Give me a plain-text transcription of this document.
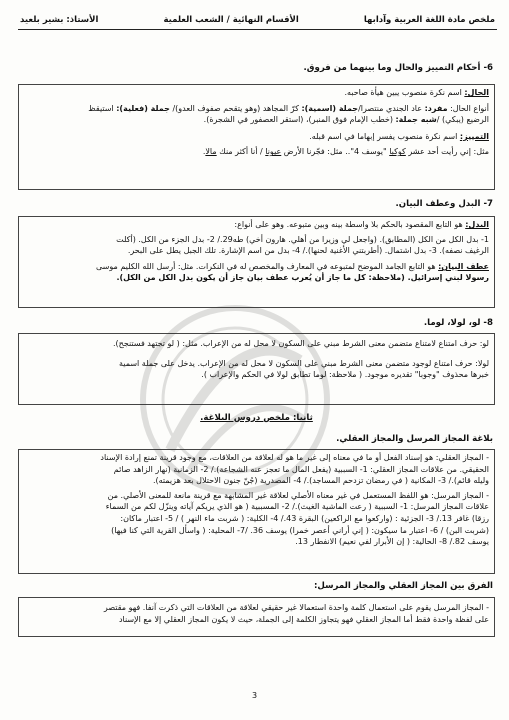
ملخص مادة اللغة العربية وآدابها
الأقسام النهائية / الشعب العلمية
الأستاذ: بشير بلعيد
6- أحكام التمييز والحال وما بينهما من فروق.

الحال: اسم نكرة منصوب يبين هيأة صاحبه.

أنواع الحال: مفرد: عاد الجندي منتصرا/جملة (اسمية): كرّ المجاهد (وهو يتقحم صفوف العدو)/ جملة (فعلية): استيقظ

الرضيع (يبكي) /شبه جملة: (خطب الإمام فوق المنبر)، (استقر العصفور في الشجرة).

التمييز: اسم نكرة منصوب يفسر إبهاما في اسم قبله.

مثل: إني رأيت أحد عشر كوكبا "يوسف 4".. مثل: فجّرنا الأرض عيونا / أنا أكثر منك مالا.

7- البدل وعطف البيان.

البدل: هو التابع المقصود بالحكم بلا واسطة بينه وبين متبوعه. وهو على أنواع:

1- بدل الكل من الكل (المطابق). (واجعل لي وزيرا من أهلي. هارون أخي) طه29./ 2- بدل الجزء من الكل. (أكلت

الرغيف نصفه). 3- بدل اشتمال. (أطربتني الأغنية لحنها)./ 4- بدل من اسم الإشارة. تلك الجبل يطل على البحر.

عطف البيان: هو التابع الجامد الموضح لمتبوعه في المعارف والمخصص له في النكرات. مثل: أرسل الله الكليم موسى

رسولا لبني إسرائيل. (ملاحظة: كل ما جاز أن يُعرب عطف بيان جاز أن يكون بدل الكل من الكل).

8- لو، لولا، لوما.

لو: حرف امتناع لامتناع متضمن معنى الشرط مبني على السكون لا محل له من الإعراب. مثل: ( لو تجتهد فستنجح).

لولا: حرف امتناع لوجود متضمن معنى الشرط مبني على السكون لا محل له من الإعراب. يدخل على جملة اسمية

خبرها محذوف "وجوبا" تقديره موجود. ( ملاحظة: لوما تطابق لولا في الحكم والإعراب ).

ثانيا: ملخص دروس البلاغة.
بلاغة المجاز المرسل والمجاز العقلي.

- المجاز العقلي: هو إسناد الفعل أو ما في معناه إلى غير ما هو له لعلاقة من العلاقات، مع وجود قرينة تمنع إرادة الإسناد

الحقيقي. من علاقات المجاز العقلي: 1- السببية (يفعل المال ما تعجز عنه الشجاعة)./ 2- الزمانية (نهار الزاهد صائم

وليله قائم)./ 3- المكانية ( في رمضان تزدحم المساجد)./ 4- المصدرية (جُنّ جنون الاحتلال بعد هزيمته).

- المجاز المرسل: هو اللفظ المستعمل في غير معناه الأصلي لعلاقة غير المشابهة مع قرينة مانعة للمعنى الأصلي. من

علاقات المجاز المرسل: 1- السببية ( رعت الماشية الغيث)./ 2- المسببية ( هو الذي يريكم آياته وينزّل لكم من السماء

رزقا) غافر 13./ 3- الجزئية : (واركعوا مع الراكعين) البقرة 43./ 4- الكلية: ( شربت ماء النهر ) / 5- اعتبار ماكان:

(شربت البن) / 6- اعتبار ما سيكون: ( إني أراني أعصر خمرا) يوسف 36. /7- المحلية: ( واسأل القرية التي كنا فيها)

يوسف 82./ 8- الحالية: ( إن الأبرار لفي نعيم) الانفطار 13.

الفرق بين المجاز العقلي والمجاز المرسل:

- المجاز المرسل يقوم على استعمال كلمة واحدة استعمالا غير حقيقي لعلاقة من العلاقات التي ذكرت آنفا. فهو مقتصر

على لفظة واحدة فقط أما المجاز العقلي فهو يتجاوز الكلمة إلى الجملة، حيث لا يكون المجاز العقلي إلا مع الإسناد

3
